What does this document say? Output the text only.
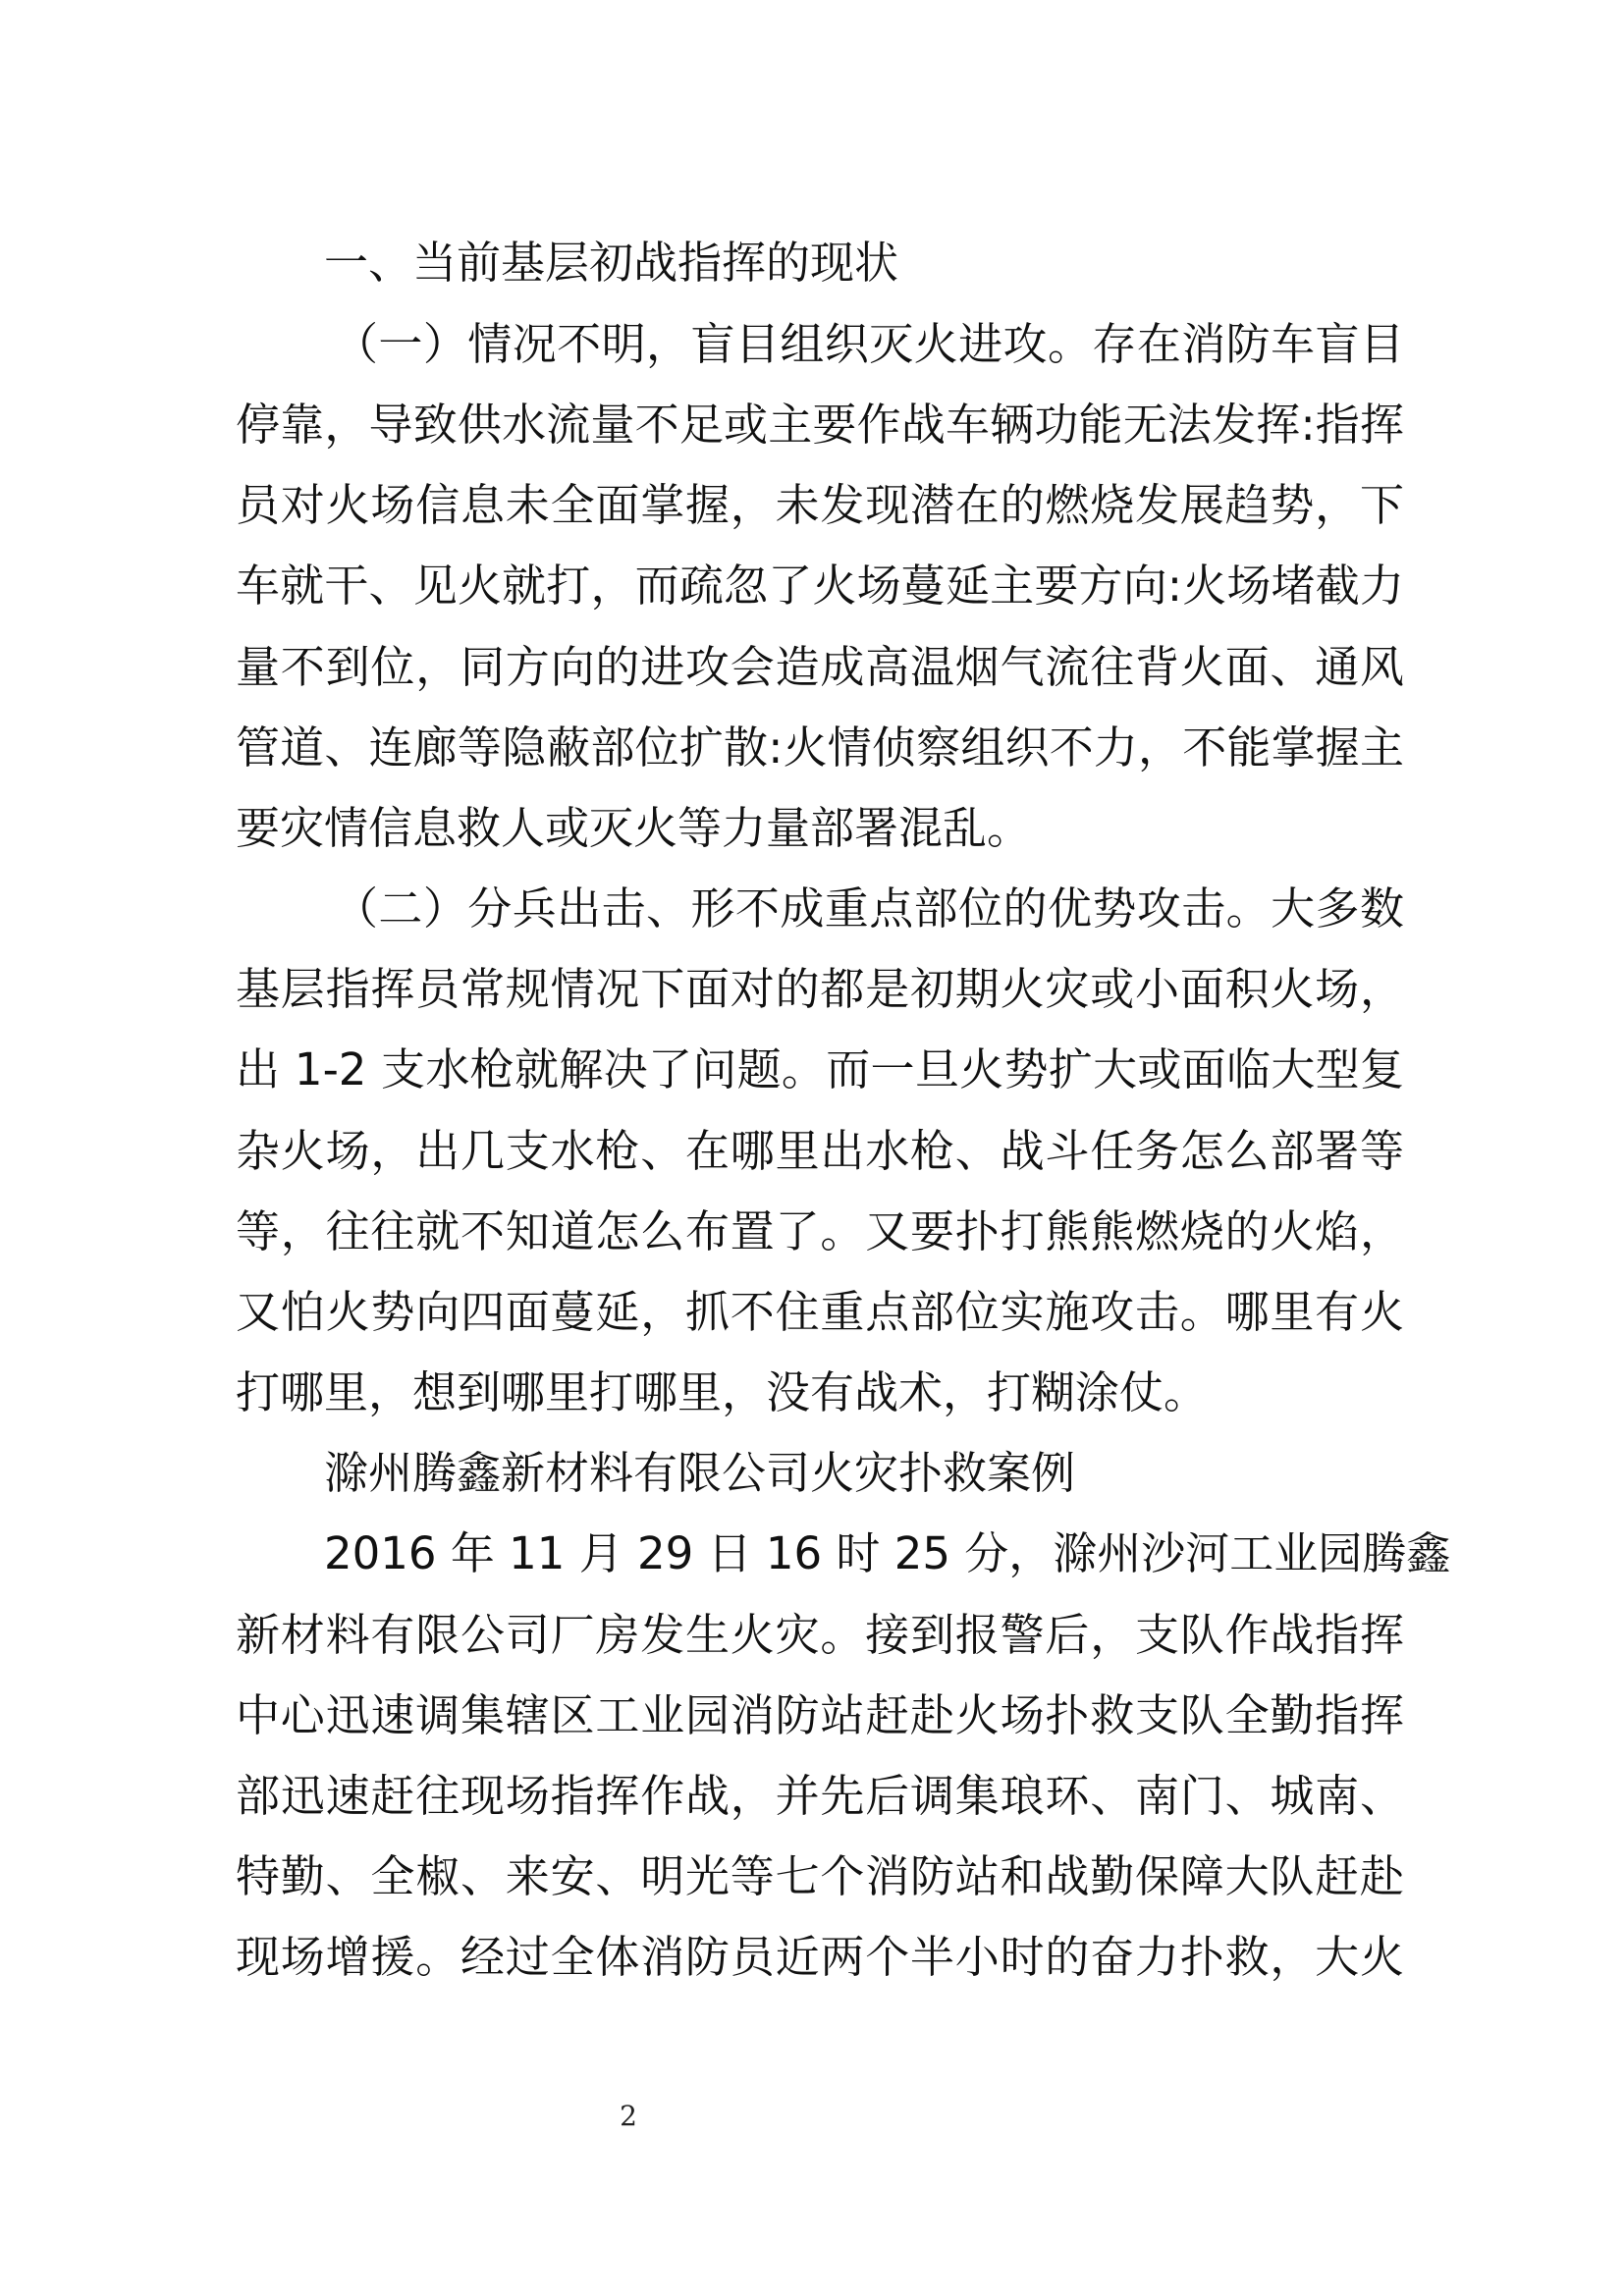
一、当前基层初战指挥的现状

（一）情况不明，盲目组织灭火进攻。存在消防车盲目

停靠，导致供水流量不足或主要作战车辆功能无法发挥:指挥

员对火场信息未全面掌握，未发现潜在的燃烧发展趋势，下

车就干、见火就打，而疏忽了火场蔓延主要方向:火场堵截力

量不到位，同方向的进攻会造成高温烟气流往背火面、通风

管道、连廊等隐蔽部位扩散:火情侦察组织不力，不能掌握主

要灾情信息救人或灭火等力量部署混乱。

（二）分兵出击、形不成重点部位的优势攻击。大多数

基层指挥员常规情况下面对的都是初期火灾或小面积火场，

出 1-2 支水枪就解决了问题。而一旦火势扩大或面临大型复

杂火场，出几支水枪、在哪里出水枪、战斗任务怎么部署等

等，往往就不知道怎么布置了。又要扑打熊熊燃烧的火焰，

又怕火势向四面蔓延，抓不住重点部位实施攻击。哪里有火

打哪里，想到哪里打哪里，没有战术，打糊涂仗。

滁州腾鑫新材料有限公司火灾扑救案例

2016 年 11 月 29 日 16 时 25 分，滁州沙河工业园腾鑫

新材料有限公司厂房发生火灾。接到报警后，支队作战指挥

中心迅速调集辖区工业园消防站赶赴火场扑救支队全勤指挥

部迅速赶往现场指挥作战，并先后调集琅环、南门、城南、

特勤、全椒、来安、明光等七个消防站和战勤保障大队赶赴

现场增援。经过全体消防员近两个半小时的奋力扑救，大火

2
